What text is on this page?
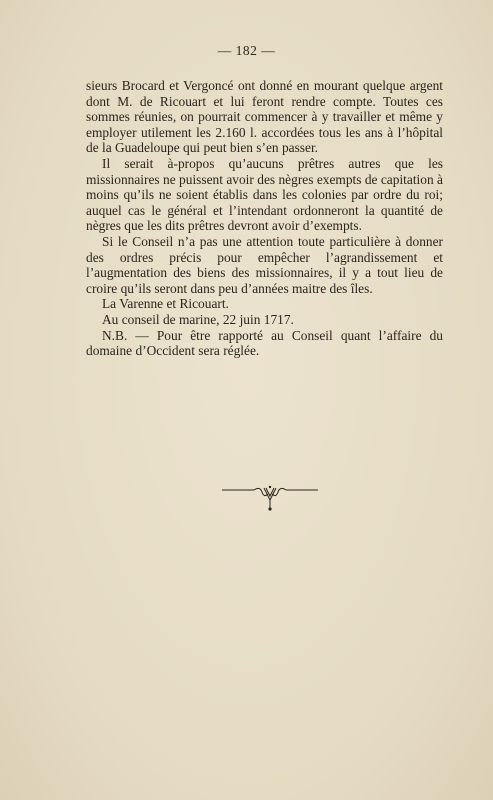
— 182 —

sieurs Brocard et Vergoncé ont donné en mourant quelque argent dont M. de Ricouart et lui feront rendre compte. Toutes ces sommes réunies, on pourrait commencer à y travailler et même y employer utilement les 2.160 l. accordées tous les ans à l’hôpital de la Guadeloupe qui peut bien s’en passer.

Il serait à-propos qu’aucuns prêtres autres que les missionnaires ne puissent avoir des nègres exempts de capitation à moins qu’ils ne soient établis dans les colonies par ordre du roi; auquel cas le général et l’intendant ordonneront la quantité de nègres que les dits prêtres devront avoir d’exempts.

Si le Conseil n’a pas une attention toute particulière à donner des ordres précis pour empêcher l’agrandissement et l’augmentation des biens des missionnaires, il y a tout lieu de croire qu’ils seront dans peu d’années maitre des îles.

La Varenne et Ricouart.

Au conseil de marine, 22 juin 1717.

N.B. — Pour être rapporté au Conseil quant l’affaire du domaine d’Occident sera réglée.
